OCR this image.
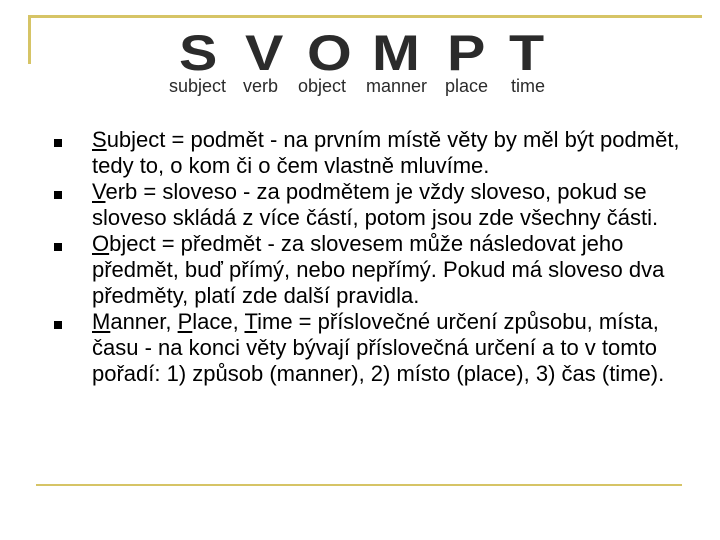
S V O M P T
subject verb object manner place time
Subject = podmět - na prvním místě věty by měl být podmět, tedy to, o kom či o čem vlastně mluvíme.
Verb = sloveso - za podmětem je vždy sloveso, pokud se sloveso skládá z více částí, potom jsou zde všechny části.
Object = předmět - za slovesem může následovat jeho předmět, buď přímý, nebo nepřímý. Pokud má sloveso dva předměty, platí zde další pravidla.
Manner, Place, Time = příslovečné určení způsobu, místa, času - na konci věty bývají příslovečná určení a to v tomto pořadí: 1) způsob (manner), 2) místo (place), 3) čas (time).
